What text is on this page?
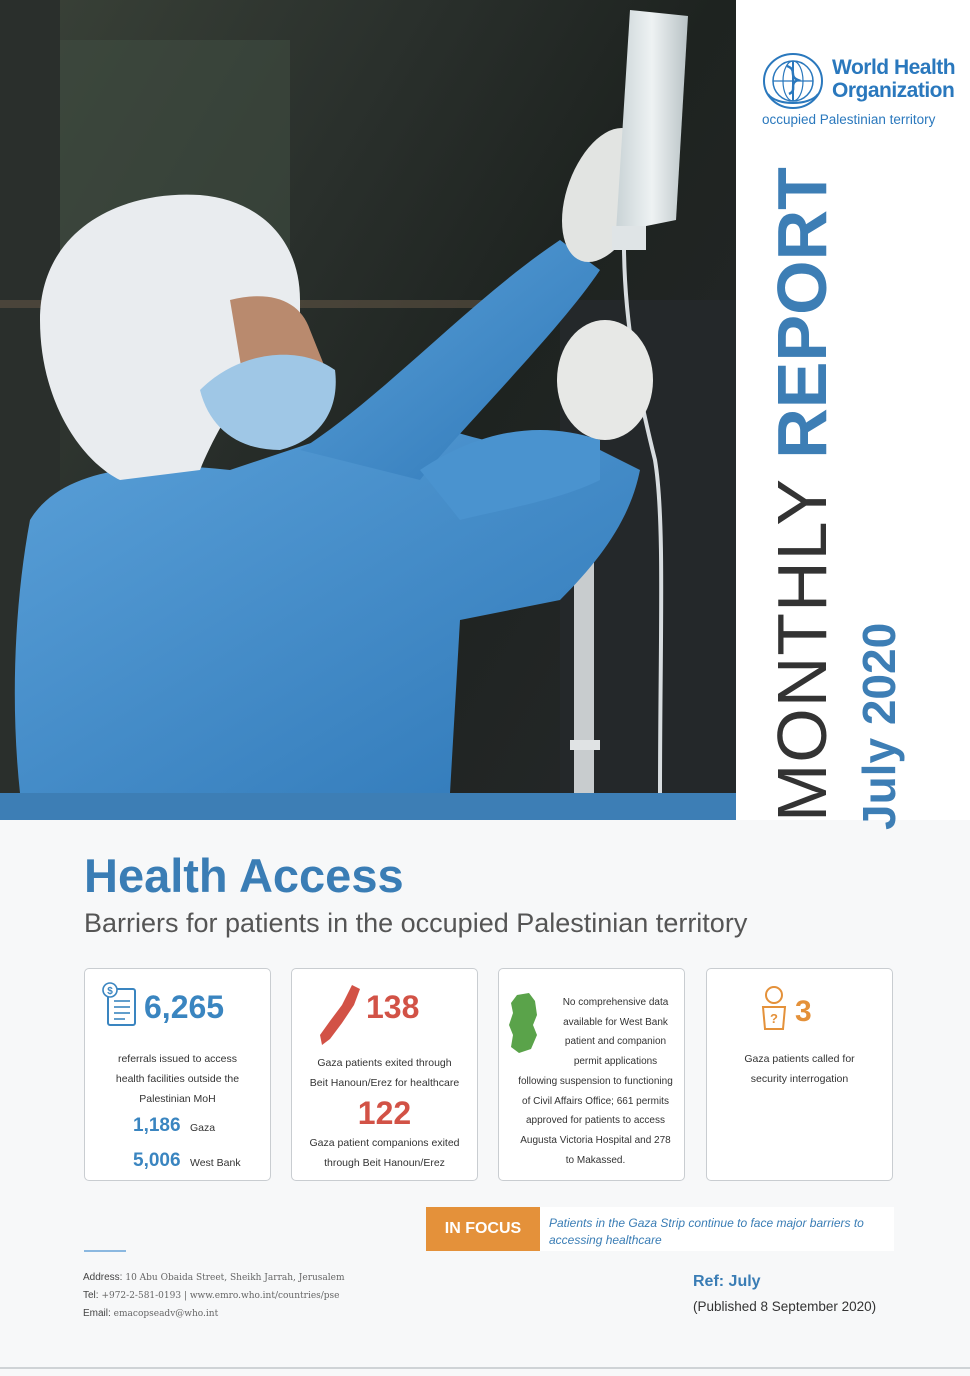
World Health
Organization
occupied Palestinian territory
MONTHLY REPORT
July 2020
Health Access
Barriers for patients in the occupied Palestinian territory
$ 6,265
referrals issued to access
health facilities outside the
Palestinian MoH
1,186 Gaza
5,006 West Bank
138
Gaza patients exited through
Beit Hanoun/Erez for healthcare
122
Gaza patient companions exited
through Beit Hanoun/Erez
No comprehensive data
available for West Bank
patient and companion
permit applications
following suspension to functioning
of Civil Affairs Office; 661 permits
approved for patients to access
Augusta Victoria Hospital and 278
to Makassed.
? 3
Gaza patients called for
security interrogation
IN FOCUS	Patients in the Gaza Strip continue to face major barriers to accessing healthcare
Address: 10 Abu Obaida Street, Sheikh Jarrah, Jerusalem
Tel: +972-2-581-0193 | www.emro.who.int/countries/pse
Email: emacopseadv@who.int
Ref: July
(Published 8 September 2020)
